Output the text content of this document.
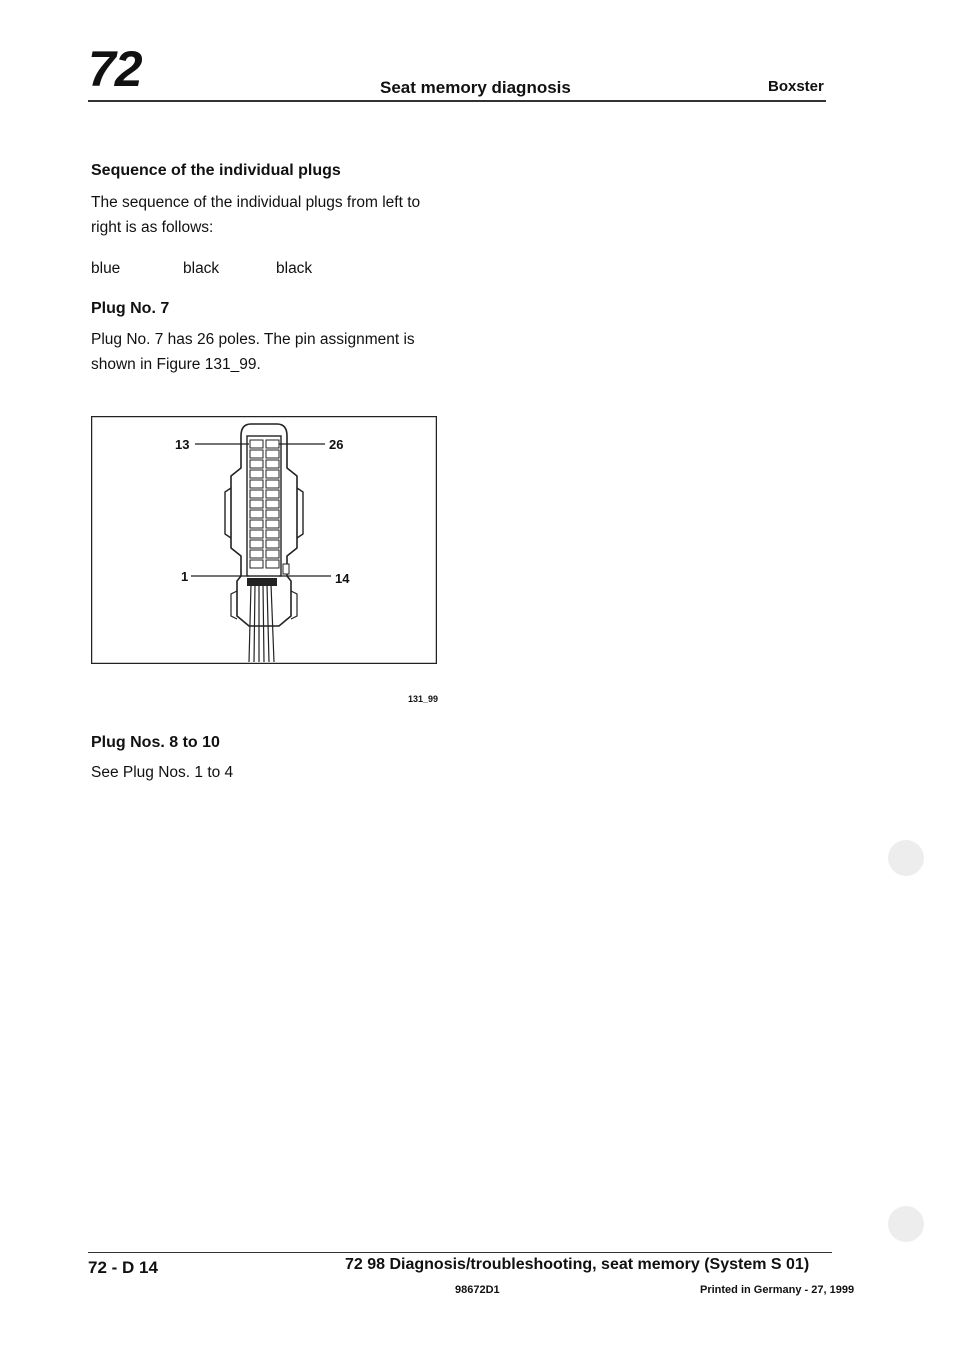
72	Seat memory diagnosis	Boxster
Sequence of the individual plugs
The sequence of the individual plugs from left to
right is as follows:
blue	black	black
Plug No. 7
Plug No. 7 has 26 poles. The pin assignment is
shown in Figure 131_99.
13	26
1	14
131_99
Plug Nos. 8 to 10
See Plug Nos. 1 to 4
72 - D 14	72 98 Diagnosis/troubleshooting, seat memory (System S 01)
98672D1	Printed in Germany - 27, 1999
